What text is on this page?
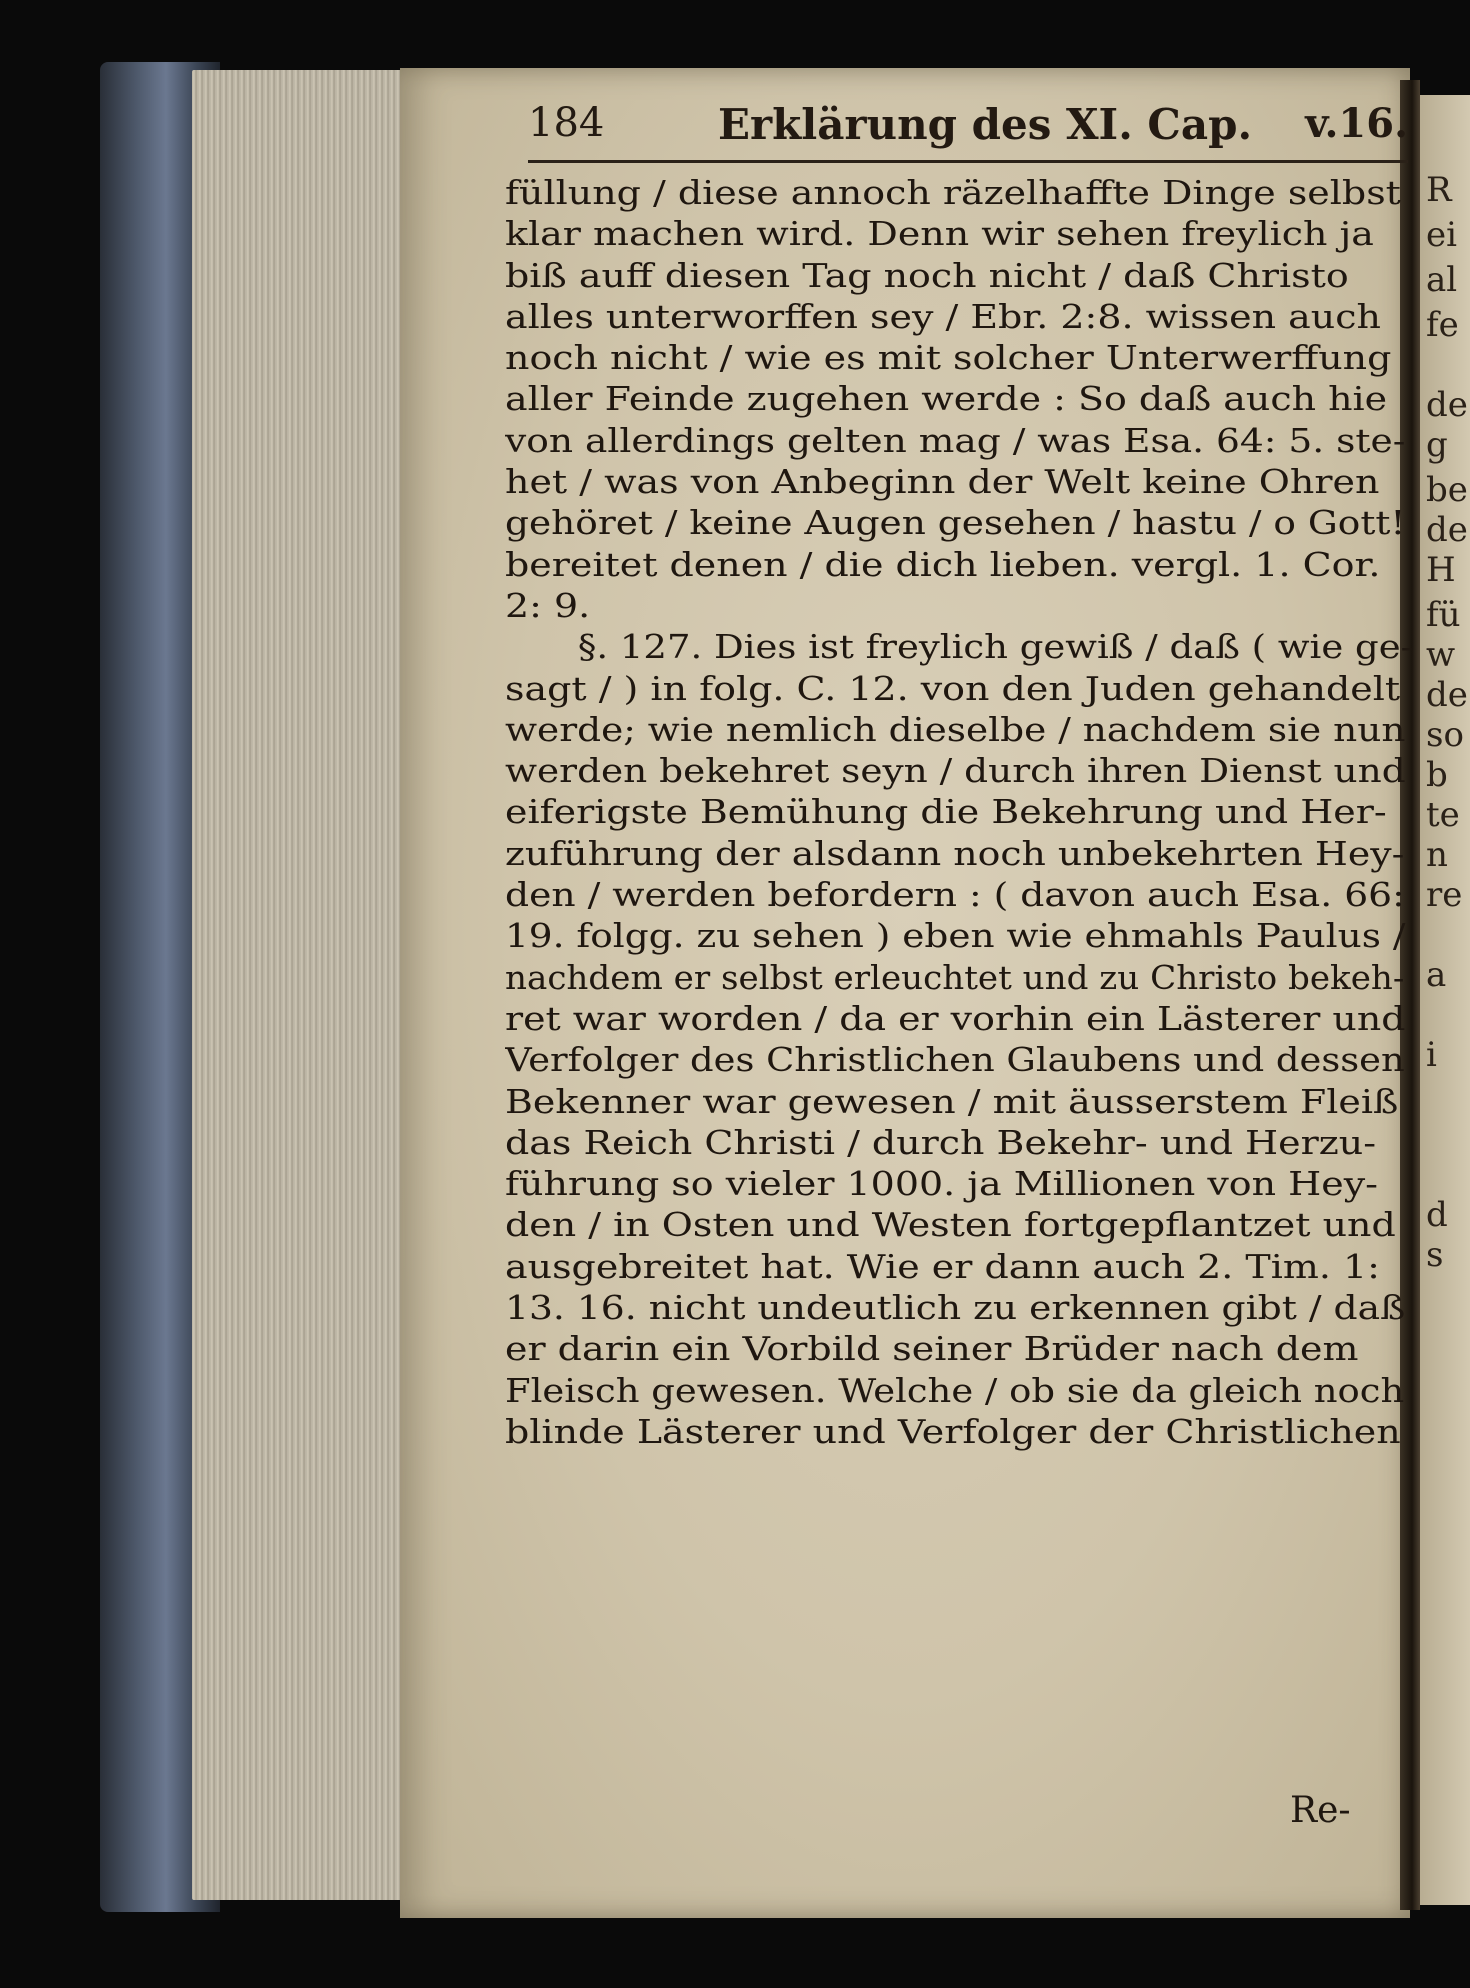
R
ei
al
fe
de
g
be
de
H
fü
w
de
so
b
te
n
re
a
i
d
s
184	Erklärung des XI. Cap. v.16.
füllung / diese annoch räzelhaffte Dinge selbst
klar machen wird. Denn wir sehen freylich ja
biß auff diesen Tag noch nicht / daß Christo
alles unterworffen sey / Ebr. 2:8. wissen auch
noch nicht / wie es mit solcher Unterwerffung
aller Feinde zugehen werde : So daß auch hie
von allerdings gelten mag / was Esa. 64: 5. ste-
het / was von Anbeginn der Welt keine Ohren
gehöret / keine Augen gesehen / hastu / o Gott!
bereitet denen / die dich lieben. vergl. 1. Cor.
2: 9.
§. 127. Dies ist freylich gewiß / daß ( wie ge-
sagt / ) in folg. C. 12. von den Juden gehandelt
werde; wie nemlich dieselbe / nachdem sie nun
werden bekehret seyn / durch ihren Dienst und
eiferigste Bemühung die Bekehrung und Her-
zuführung der alsdann noch unbekehrten Hey-
den / werden befordern : ( davon auch Esa. 66:
19. folgg. zu sehen ) eben wie ehmahls Paulus /
nachdem er selbst erleuchtet und zu Christo bekeh-
ret war worden / da er vorhin ein Lästerer und
Verfolger des Christlichen Glaubens und dessen
Bekenner war gewesen / mit äusserstem Fleiß
das Reich Christi / durch Bekehr- und Herzu-
führung so vieler 1000. ja Millionen von Hey-
den / in Osten und Westen fortgepflantzet und
ausgebreitet hat. Wie er dann auch 2. Tim. 1:
13. 16. nicht undeutlich zu erkennen gibt / daß
er darin ein Vorbild seiner Brüder nach dem
Fleisch gewesen. Welche / ob sie da gleich noch
blinde Lästerer und Verfolger der Christlichen
Re-
